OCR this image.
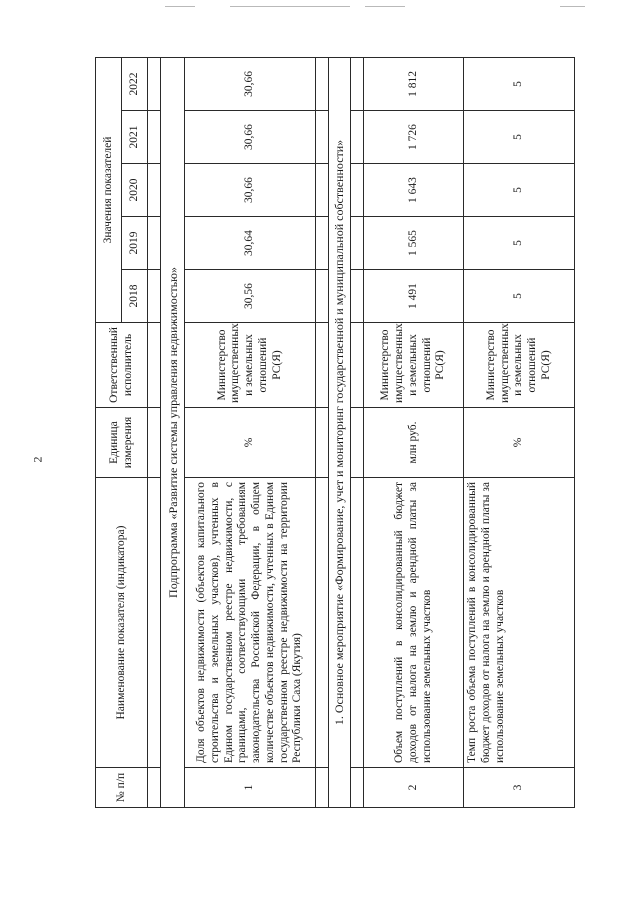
2
№ п/п	Наименование показателя (индикатора)	Единица измерения	Ответственный исполнитель	Значения показателей				
				2018	2019	2020	2021	2022

Подпрограмма «Развитие системы управления недвижимостью»								
1	Доля объектов недвижимости (объектов капитального строительства и земельных участков), учтенных в Едином государственном реестре недвижимости, с границами, соответствующими требованиям законодательства Российской Федерации, в общем количестве объектов недвижимости, учтенных в Едином государственном реестре недвижимости на территории Республики Саха (Якутия)	%	Министерство имущественных и земельных отношений РС(Я)	30,56	30,64	30,66	30,66	30,66

1. Основное мероприятие «Формирование, учет и мониторинг государственной и муниципальной собственности»								

2	Объем поступлений в консолидированный бюджет доходов от налога на землю и арендной платы за использование земельных участков	млн руб.	Министерство имущественных и земельных отношений РС(Я)	1 491	1 565	1 643	1 726	1 812
3	Темп роста объема поступлений в консолидированный бюджет доходов от налога на землю и арендной платы за использование земельных участков	%	Министерство имущественных и земельных отношений РС(Я)	5	5	5	5	5
